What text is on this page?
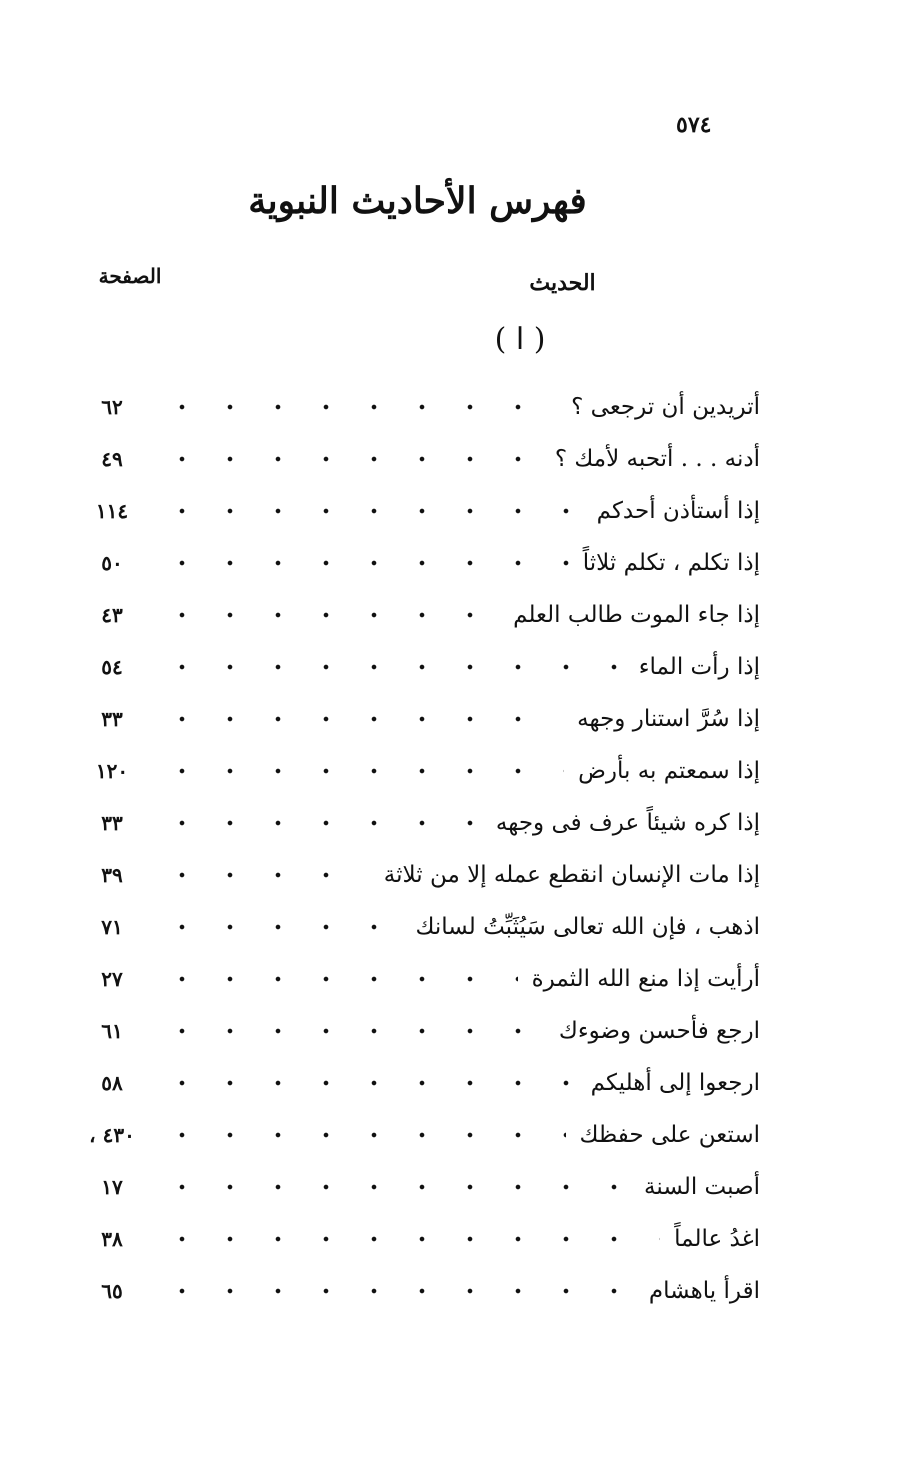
٥٧٤
فهرس الأحاديث النبوية
الحديث
الصفحة
( ا )
أتريدين أن ترجعى ؟
٦٢
أدنه . . . أتحبه لأمك ؟
٤٩
إذا أستأذن أحدكم
١١٤
إذا تكلم ، تكلم ثلاثاً
٥٠
إذا جاء الموت طالب العلم
٤٣
إذا رأت الماء
٥٤
إذا سُرَّ استنار وجهه
٣٣
إذا سمعتم به بأرض
١٢٠
إذا كره شيئاً عرف فى وجهه
٣٣
إذا مات الإنسان انقطع عمله إلا من ثلاثة
٣٩
اذهب ، فإن الله تعالى سَيُثَبِّتُ لسانك
٧١
أرأيت إذا منع الله الثمرة
٢٧
ارجع فأحسن وضوءك
٦١
ارجعوا إلى أهليكم
٥٨
استعن على حفظك
٤٣٠ ،
أصبت السنة
١٧
اغدُ عالماً
٣٨
اقرأ ياهشام
٦٥
